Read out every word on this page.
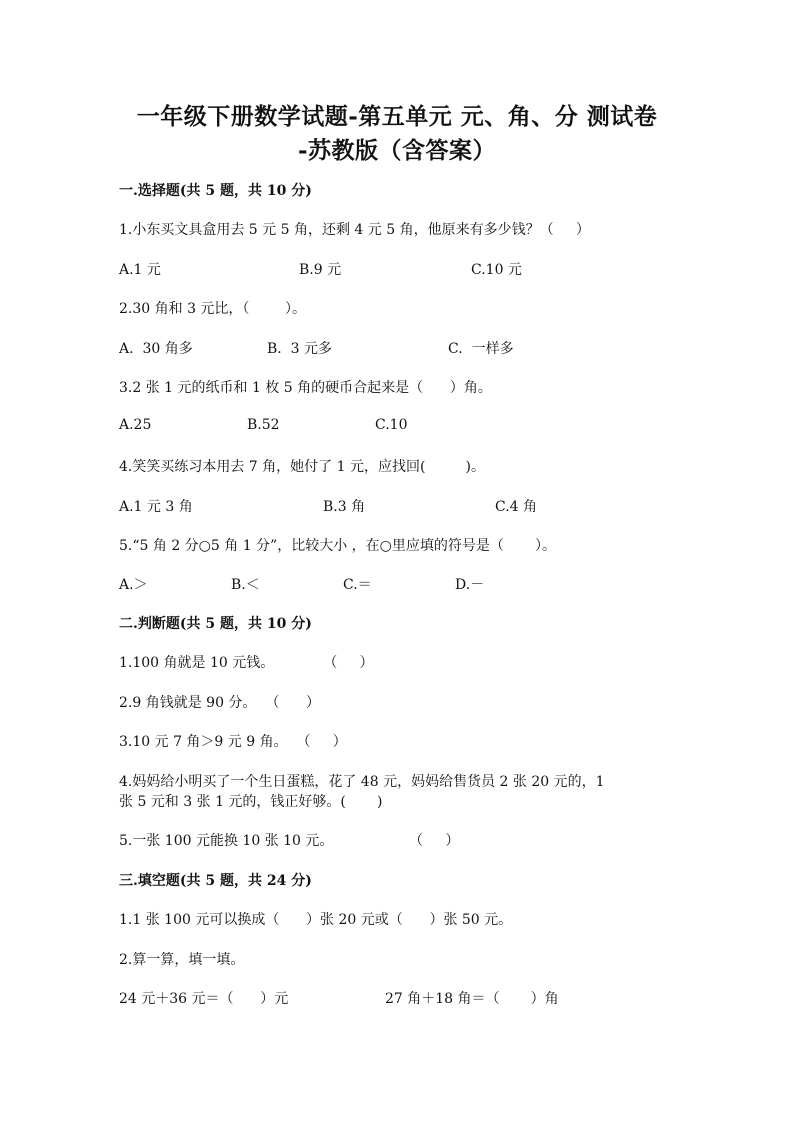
一年级下册数学试题-第五单元 元、角、分 测试卷
-苏教版（含答案）
一.选择题(共 5 题，共 10 分)
1.小东买文具盒用去 5 元 5 角，还剩 4 元 5 角，他原来有多少钱？（     ）
A.1 元	B.9 元	C.10 元
2.30 角和 3 元比，（        ）。
A.  30 角多	B.  3 元多	C.  一样多
3.2 张 1 元的纸币和 1 枚 5 角的硬币合起来是（      ）角。
A.25	B.52	C.10
4.笑笑买练习本用去 7 角，她付了 1 元，应找回(         )。
A.1 元 3 角	B.3 角	C.4 角
5.“5 角 2 分○5 角 1 分”，比较大小 ，在○里应填的符号是（       ）。
A.＞	B.＜	C.＝	D.－
二.判断题(共 5 题，共 10 分)
1.100 角就是 10 元钱。           （     ）
2.9 角钱就是 90 分。  （      ）
3.10 元 7 角＞9 元 9 角。  （     ）
4.妈妈给小明买了一个生日蛋糕，花了 48 元，妈妈给售货员 2 张 20 元的，1
张 5 元和 3 张 1 元的，钱正好够。(       )
5.一张 100 元能换 10 张 10 元。                 （     ）
三.填空题(共 5 题，共 24 分)
1.1 张 100 元可以换成（      ）张 20 元或（      ）张 50 元。
2.算一算，填一填。
24 元＋36 元＝（      ）元	27 角＋18 角＝（       ）角
